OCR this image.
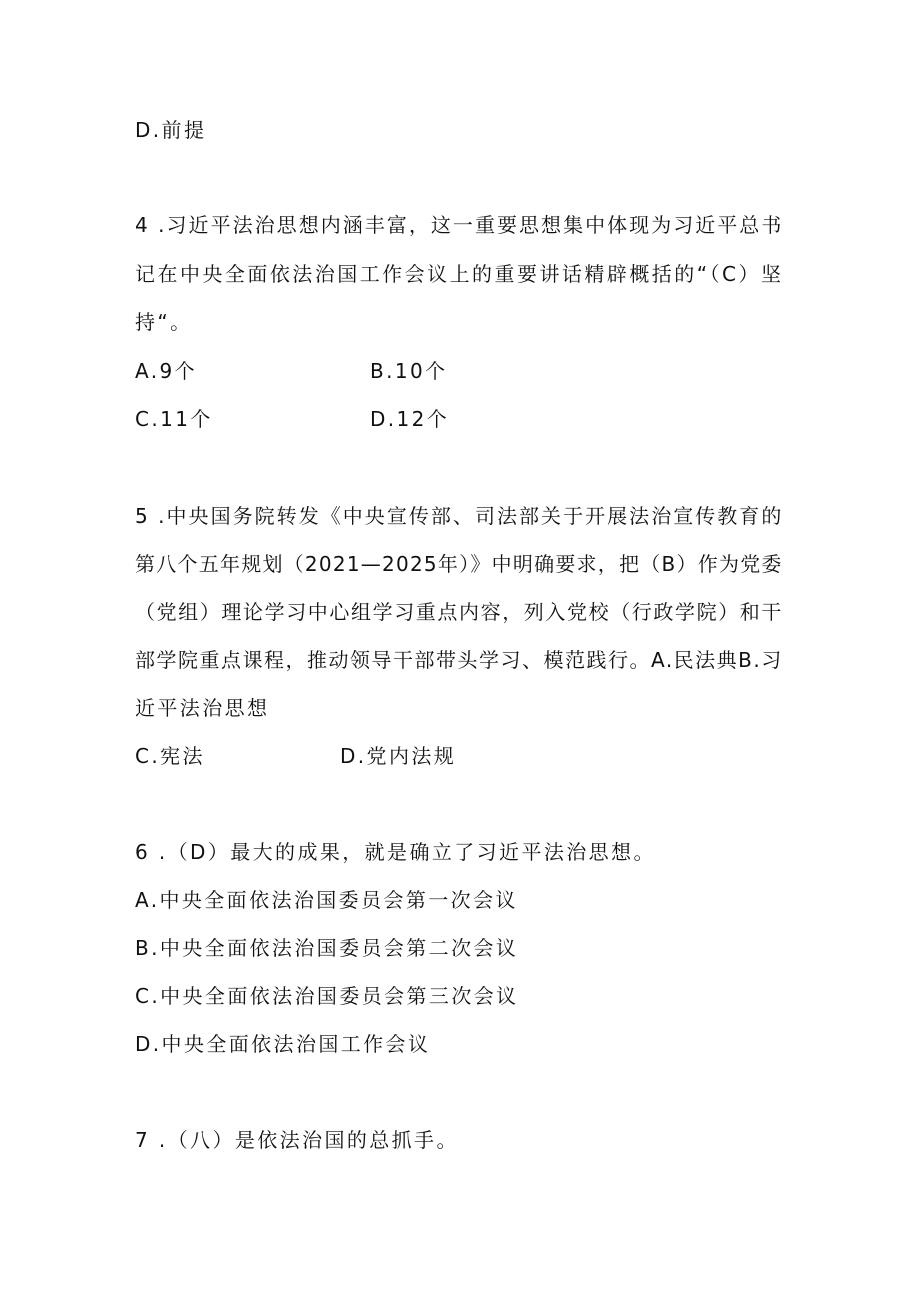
D.前提
4 .习近平法治思想内涵丰富，这一重要思想集中体现为习近平总书
记在中央全面依法治国工作会议上的重要讲话精辟概括的“（C）坚
持“。
A.9个	B.10个
C.11个	D.12个
5 .中央国务院转发《中央宣传部、司法部关于开展法治宣传教育的
第八个五年规划（2021—2025年）》中明确要求，把（B）作为党委
（党组）理论学习中心组学习重点内容，列入党校（行政学院）和干
部学院重点课程，推动领导干部带头学习、模范践行。A.民法典B.习
近平法治思想
C.宪法	D.党内法规
6 .（D）最大的成果，就是确立了习近平法治思想。
A.中央全面依法治国委员会第一次会议
B.中央全面依法治国委员会第二次会议
C.中央全面依法治国委员会第三次会议
D.中央全面依法治国工作会议
7 .（八）是依法治国的总抓手。
